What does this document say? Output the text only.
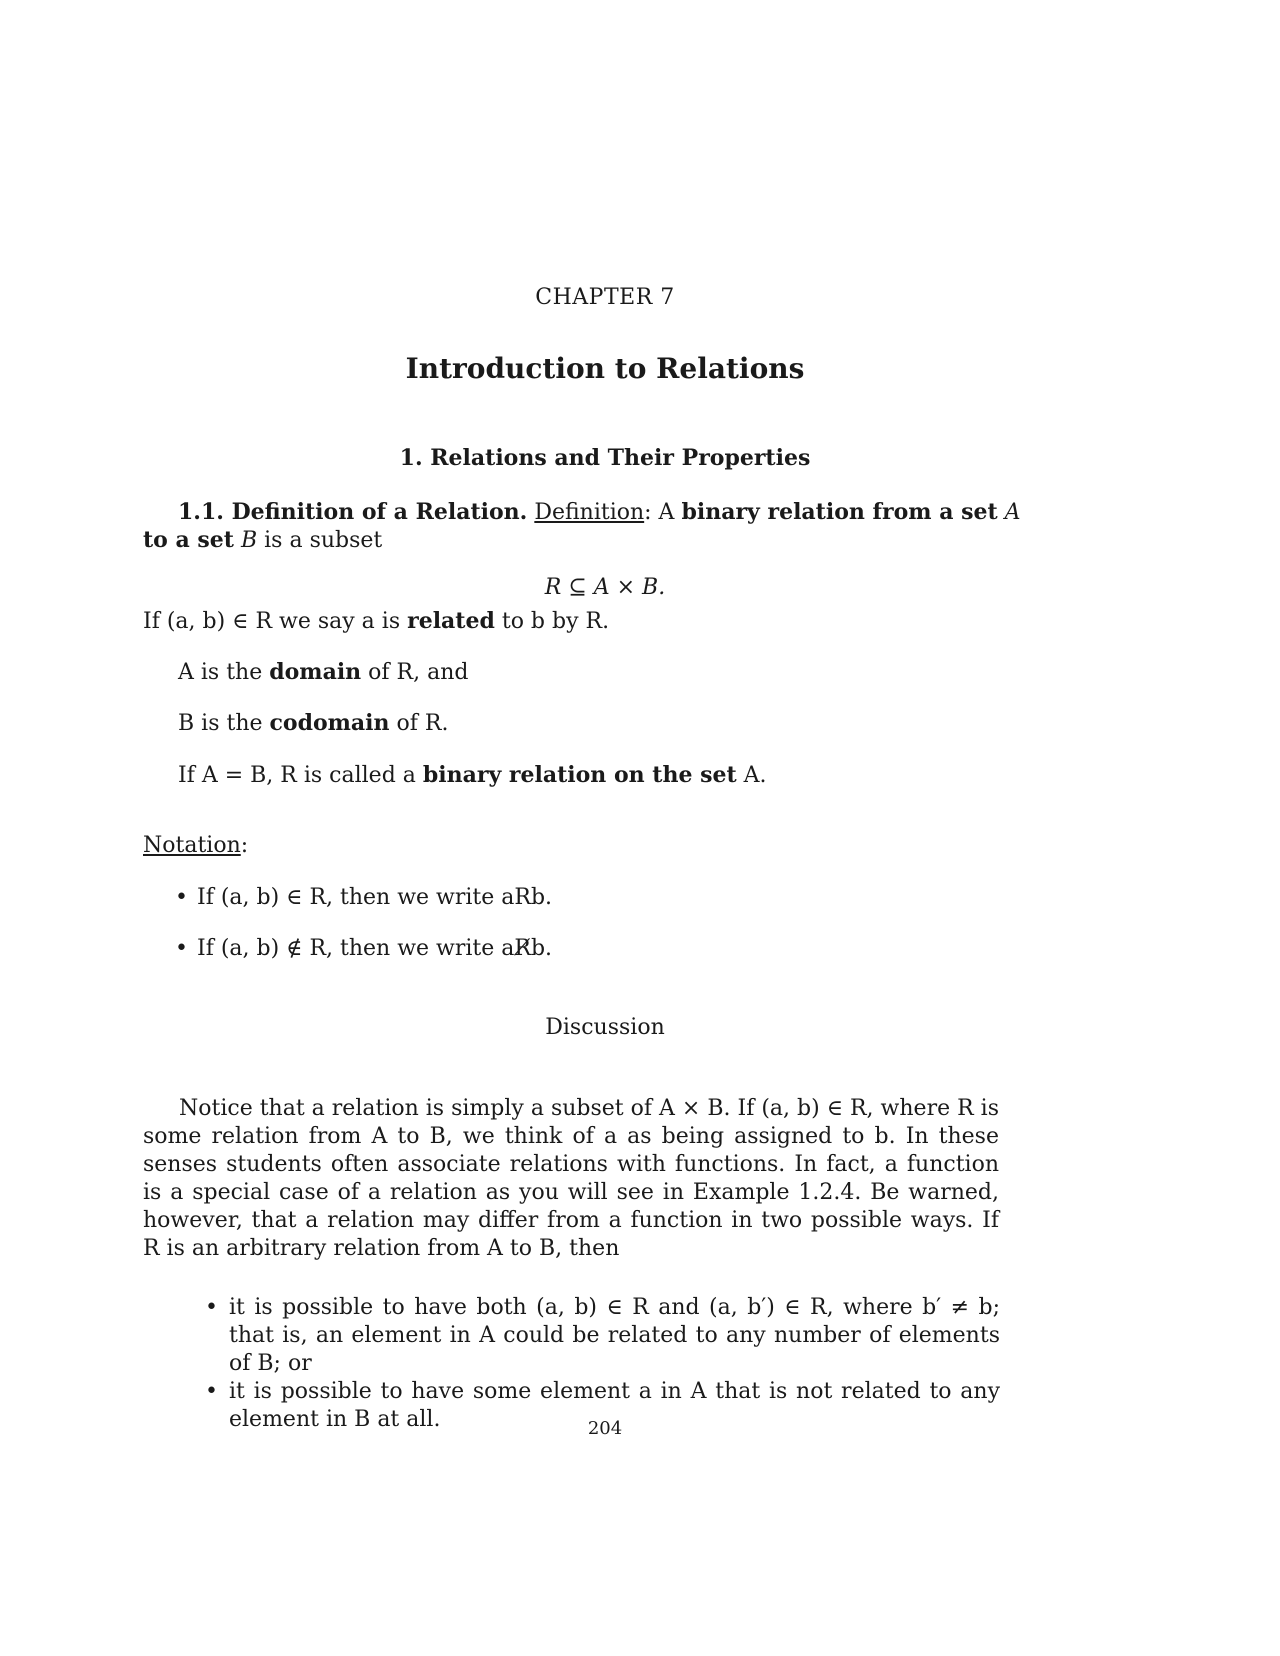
CHAPTER 7

Introduction to Relations

1. Relations and Their Properties

1.1. Definition of a Relation. Definition: A binary relation from a set A

to a set B is a subset

R ⊆ A × B.

If (a, b) ∈ R we say a is related to b by R.

A is the domain of R, and

B is the codomain of R.

If A = B, R is called a binary relation on the set A.

Notation:

• If (a, b) ∈ R, then we write aRb.

• If (a, b) ∉ R, then we write aR̸b.

Discussion

Notice that a relation is simply a subset of A × B. If (a, b) ∈ R, where R is some relation from A to B, we think of a as being assigned to b. In these senses students often associate relations with functions. In fact, a function is a special case of a relation as you will see in Example 1.2.4. Be warned, however, that a relation may differ from a function in two possible ways. If R is an arbitrary relation from A to B, then

• it is possible to have both (a, b) ∈ R and (a, b′) ∈ R, where b′ ≠ b; that is, an element in A could be related to any number of elements of B; or
• it is possible to have some element a in A that is not related to any element in B at all.	204
